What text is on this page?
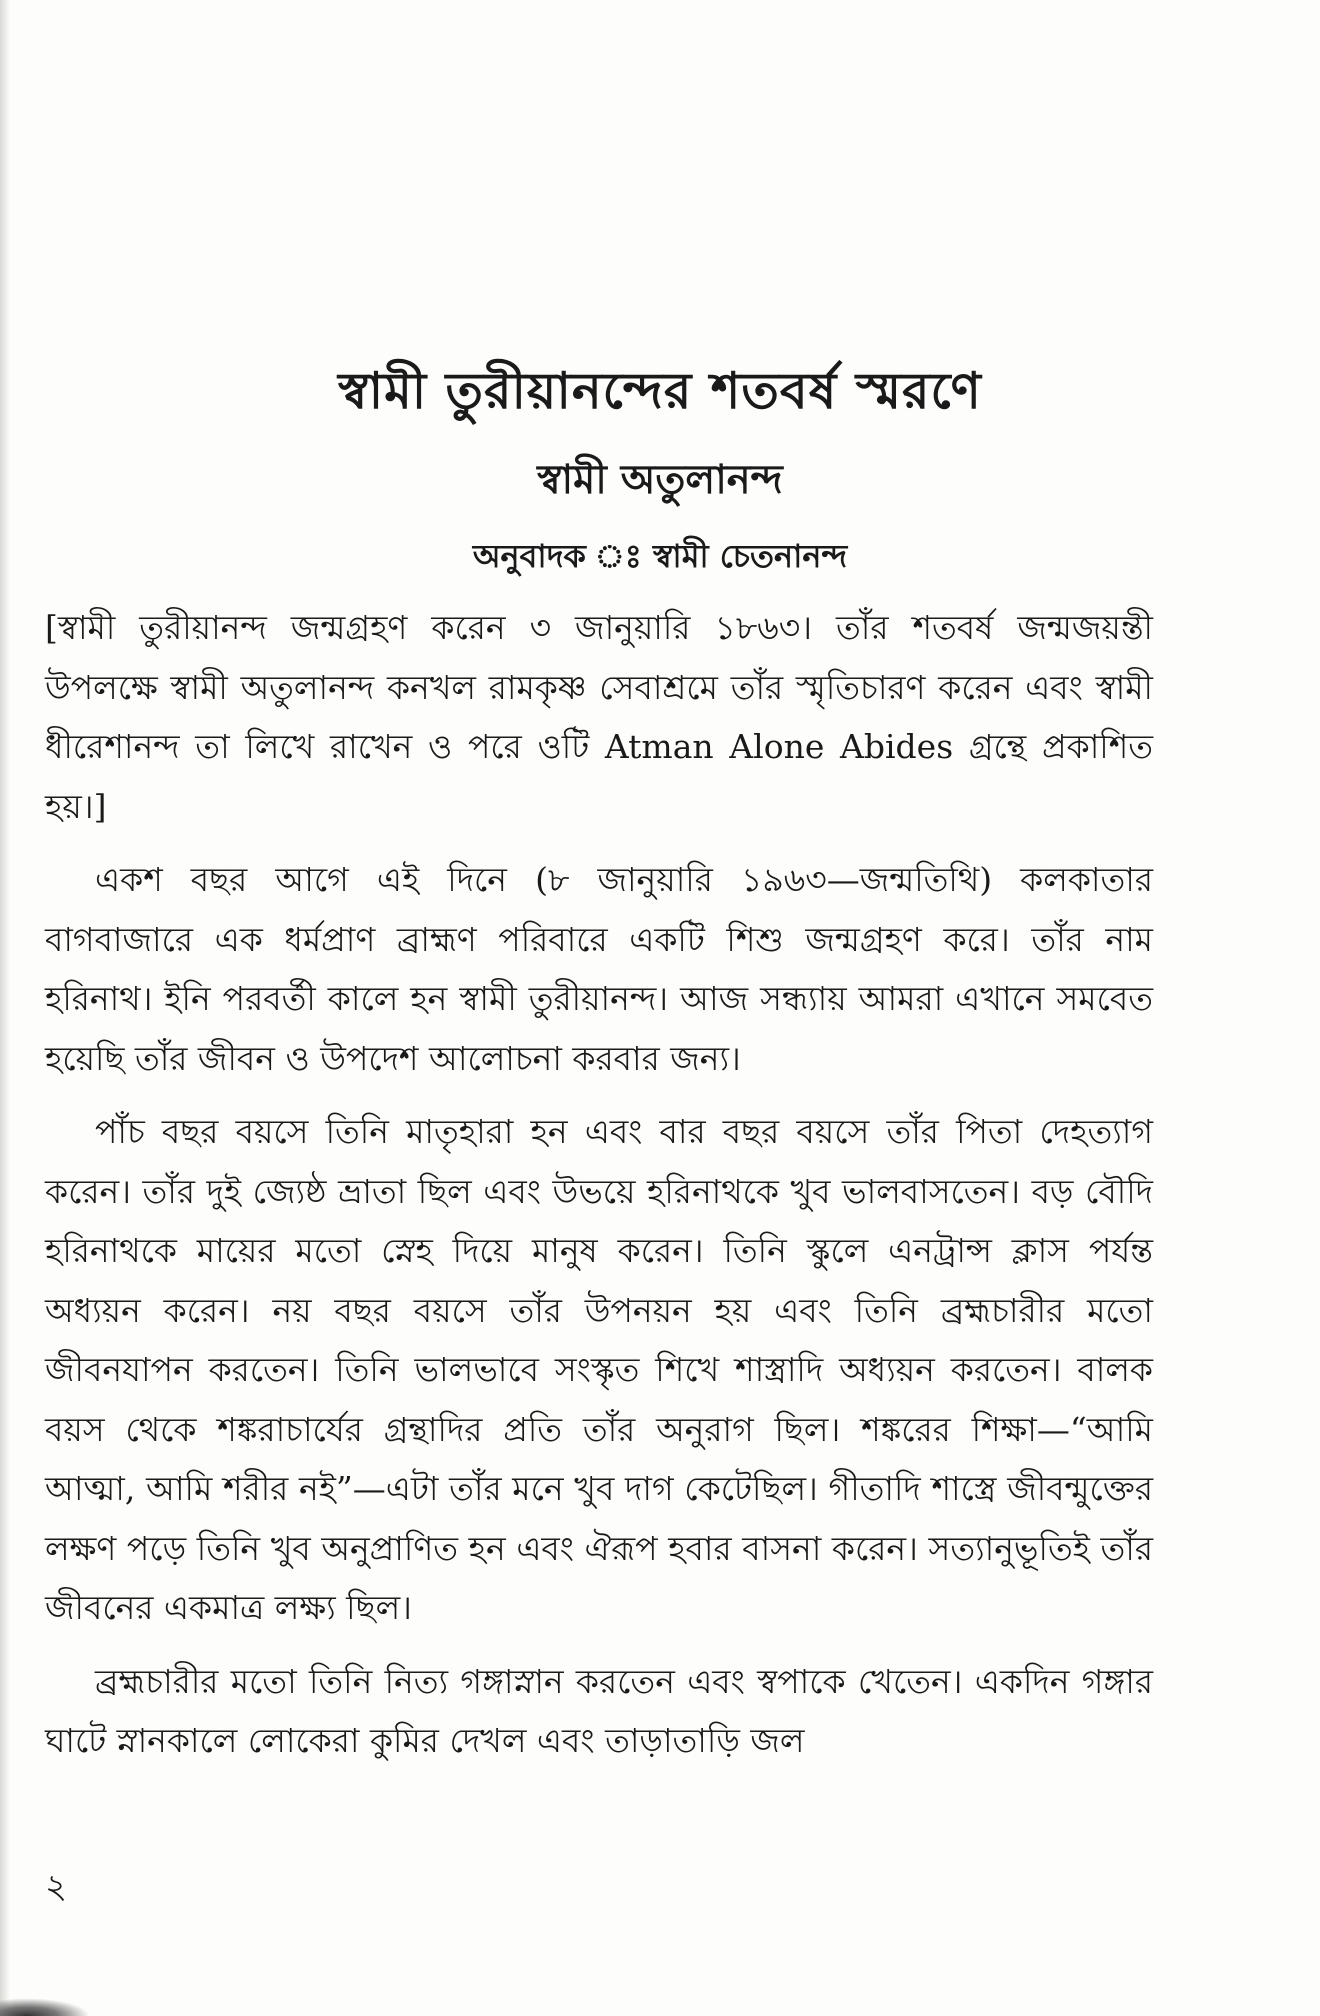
স্বামী তুরীয়ানন্দের শতবর্ষ স্মরণে
স্বামী অতুলানন্দ
অনুবাদক ঃ স্বামী চেতনানন্দ

[স্বামী তুরীয়ানন্দ জন্মগ্রহণ করেন ৩ জানুয়ারি ১৮৬৩। তাঁর শতবর্ষ জন্মজয়ন্তী উপলক্ষে স্বামী অতুলানন্দ কনখল রামকৃষ্ণ সেবাশ্রমে তাঁর স্মৃতিচারণ করেন এবং স্বামী ধীরেশানন্দ তা লিখে রাখেন ও পরে ওটি Atman Alone Abides গ্রন্থে প্রকাশিত হয়।]

একশ বছর আগে এই দিনে (৮ জানুয়ারি ১৯৬৩—জন্মতিথি) কলকাতার বাগবাজারে এক ধর্মপ্রাণ ব্রাহ্মণ পরিবারে একটি শিশু জন্মগ্রহণ করে। তাঁর নাম হরিনাথ। ইনি পরবর্তী কালে হন স্বামী তুরীয়ানন্দ। আজ সন্ধ্যায় আমরা এখানে সমবেত হয়েছি তাঁর জীবন ও উপদেশ আলোচনা করবার জন্য।

পাঁচ বছর বয়সে তিনি মাতৃহারা হন এবং বার বছর বয়সে তাঁর পিতা দেহত্যাগ করেন। তাঁর দুই জ্যেষ্ঠ ভ্রাতা ছিল এবং উভয়ে হরিনাথকে খুব ভালবাসতেন। বড় বৌদি হরিনাথকে মায়ের মতো স্নেহ দিয়ে মানুষ করেন। তিনি স্কুলে এনট্রান্স ক্লাস পর্যন্ত অধ্যয়ন করেন। নয় বছর বয়সে তাঁর উপনয়ন হয় এবং তিনি ব্রহ্মচারীর মতো জীবনযাপন করতেন। তিনি ভালভাবে সংস্কৃত শিখে শাস্ত্রাদি অধ্যয়ন করতেন। বালক বয়স থেকে শঙ্করাচার্যের গ্রন্থাদির প্রতি তাঁর অনুরাগ ছিল। শঙ্করের শিক্ষা—“আমি আত্মা, আমি শরীর নই”—এটা তাঁর মনে খুব দাগ কেটেছিল। গীতাদি শাস্ত্রে জীবন্মুক্তের লক্ষণ পড়ে তিনি খুব অনুপ্রাণিত হন এবং ঐরূপ হবার বাসনা করেন। সত্যানুভূতিই তাঁর জীবনের একমাত্র লক্ষ্য ছিল।

ব্রহ্মচারীর মতো তিনি নিত্য গঙ্গাস্নান করতেন এবং স্বপাকে খেতেন। একদিন গঙ্গার ঘাটে স্নানকালে লোকেরা কুমির দেখল এবং তাড়াতাড়ি জল

২
